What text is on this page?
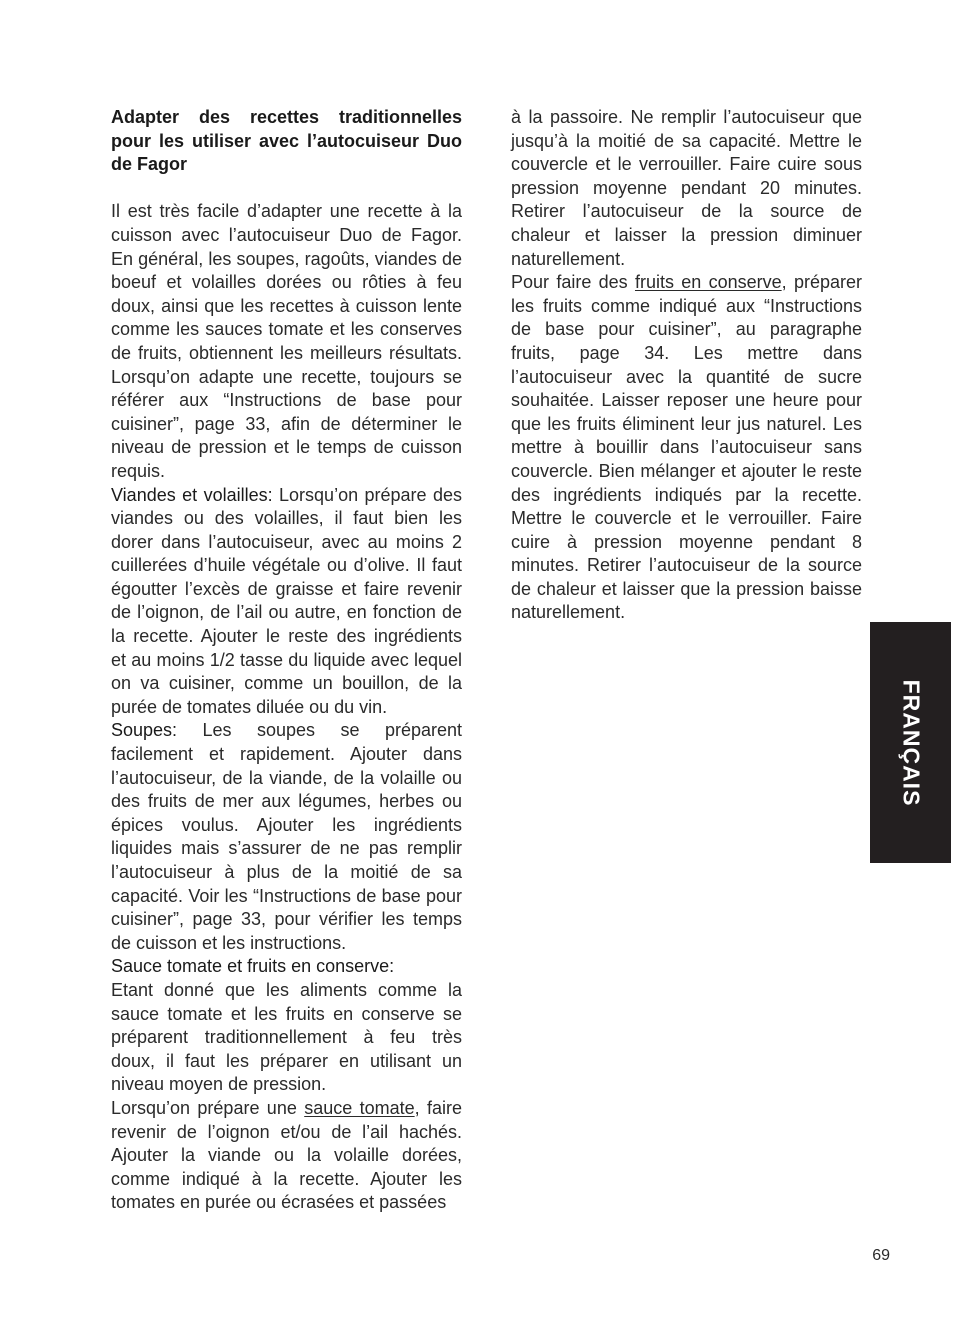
Adapter des recettes traditionnelles pour les utiliser avec l’autocuiseur Duo de Fagor

Il est très facile d’adapter une recette à la cuisson avec l’autocuiseur Duo de Fagor. En général, les soupes, ragoûts, viandes de boeuf et volailles dorées ou rôties à feu doux, ainsi que les recettes à cuisson lente comme les sauces tomate et les conserves de fruits, obtiennent les meilleurs résultats. Lorsqu’on adapte une recette, toujours se référer aux “Instructions de base pour cuisiner”, page 33, afin de déterminer le niveau de pression et le temps de cuisson requis.

Viandes et volailles: Lorsqu’on prépare des viandes ou des volailles, il faut bien les dorer dans l’autocuiseur, avec au moins 2 cuillerées d’huile végétale ou d’olive. Il faut égoutter l’excès de graisse et faire revenir de l’oignon, de l’ail ou autre, en fonction de la recette. Ajouter le reste des ingrédients et au moins 1/2 tasse du liquide avec lequel on va cuisiner, comme un bouillon, de la purée de tomates diluée ou du vin.

Soupes: Les soupes se préparent facilement et rapidement. Ajouter dans l’autocuiseur, de la viande, de la volaille ou des fruits de mer aux légumes, herbes ou épices voulus. Ajouter les ingrédients liquides mais s’assurer de ne pas remplir l’autocuiseur à plus de la moitié de sa capacité. Voir les “Instructions de base pour cuisiner”, page 33, pour vérifier les temps de cuisson et les instructions.

Sauce tomate et fruits en conserve:

Etant donné que les aliments comme la sauce tomate et les fruits en conserve se préparent traditionnellement à feu très doux, il faut les préparer en utilisant un niveau moyen de pression.

Lorsqu’on prépare une sauce tomate, faire revenir de l’oignon et/ou de l’ail hachés. Ajouter la viande ou la volaille dorées, comme indiqué à la recette. Ajouter les tomates en purée ou écrasées et passées

à la passoire. Ne remplir l’autocuiseur que jusqu’à la moitié de sa capacité. Mettre le couvercle et le verrouiller. Faire cuire sous pression moyenne pendant 20 minutes. Retirer l’autocuiseur de la source de chaleur et laisser la pression diminuer naturellement.

Pour faire des fruits en conserve, préparer les fruits comme indiqué aux “Instructions de base pour cuisiner”, au paragraphe fruits, page 34. Les mettre dans l’autocuiseur avec la quantité de sucre souhaitée. Laisser reposer une heure pour que les fruits éliminent leur jus naturel. Les mettre à bouillir dans l’autocuiseur sans couvercle. Bien mélanger et ajouter le reste des ingrédients indiqués par la recette. Mettre le couvercle et le verrouiller. Faire cuire à pression moyenne pendant 8 minutes. Retirer l’autocuiseur de la source de chaleur et laisser que la pression baisse naturellement.

FRANÇAIS
69
